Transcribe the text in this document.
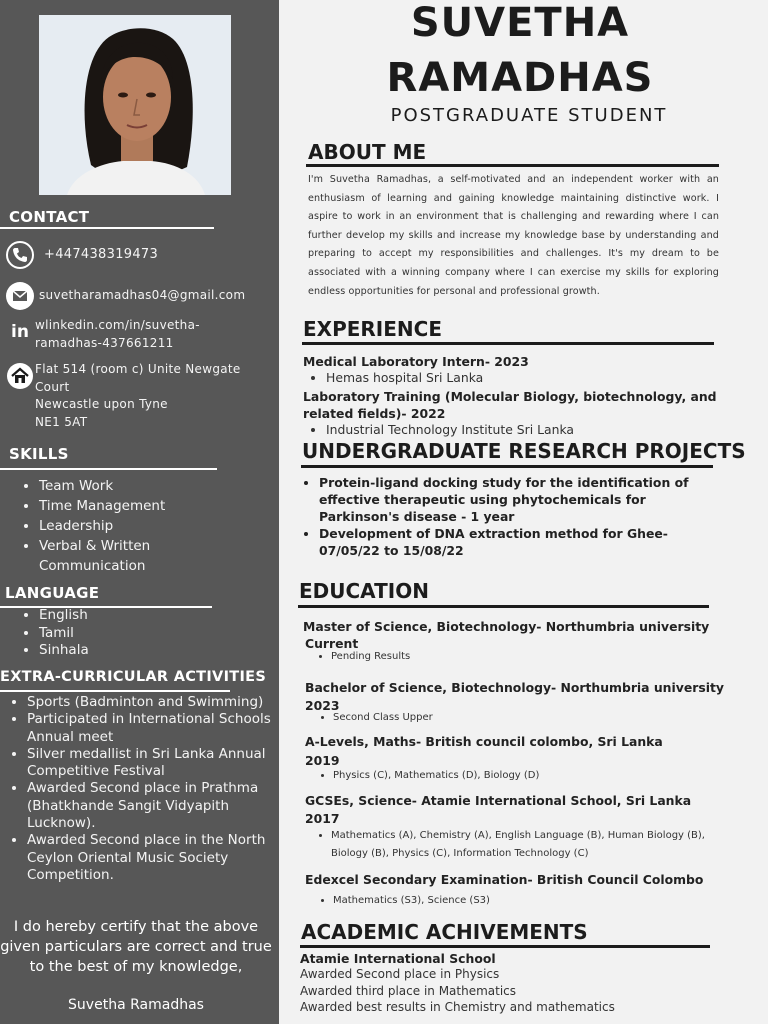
CONTACT
+447438319473
suvetharamadhas04@gmail.com
in wlinkedin.com/in/suvetha-
ramadhas-437661211
Flat 514 (room c) Unite Newgate
Court
Newcastle upon Tyne
NE1 5AT
SKILLS
• Team Work
• Time Management
• Leadership
• Verbal & Written Communication
LANGUAGE
• English
• Tamil
• Sinhala
EXTRA-CURRICULAR ACTIVITIES
• Sports (Badminton and Swimming)
• Participated in International Schools Annual meet
• Silver medallist in Sri Lanka Annual Competitive Festival
• Awarded Second place in Prathma (Bhatkhande Sangit Vidyapith Lucknow).
• Awarded Second place in the North Ceylon Oriental Music Society Competition.
I do hereby certify that the above given particulars are correct and true to the best of my knowledge,
Suvetha Ramadhas
SUVETHA
RAMADHAS
POSTGRADUATE STUDENT
ABOUT ME
I'm Suvetha Ramadhas, a self-motivated and an independent worker with an enthusiasm of learning and gaining knowledge maintaining distinctive work. I aspire to work in an environment that is challenging and rewarding where I can further develop my skills and increase my knowledge base by understanding and preparing to accept my responsibilities and challenges. It's my dream to be associated with a winning company where I can exercise my skills for exploring endless opportunities for personal and professional growth.
EXPERIENCE
Medical Laboratory Intern- 2023
• Hemas hospital Sri Lanka
Laboratory Training (Molecular Biology, biotechnology, and
related fields)- 2022
• Industrial Technology Institute Sri Lanka
UNDERGRADUATE RESEARCH PROJECTS
• Protein-ligand docking study for the identification of effective therapeutic using phytochemicals for Parkinson's disease - 1 year
• Development of DNA extraction method for Ghee- 07/05/22 to 15/08/22
EDUCATION
Master of Science, Biotechnology- Northumbria university
Current
• Pending Results
Bachelor of Science, Biotechnology- Northumbria university
2023
• Second Class Upper
A-Levels, Maths- British council colombo, Sri Lanka
2019
• Physics (C), Mathematics (D), Biology (D)
GCSEs, Science- Atamie International School, Sri Lanka
2017
• Mathematics (A), Chemistry (A), English Language (B), Human Biology (B),
Biology (B), Physics (C), Information Technology (C)
Edexcel Secondary Examination- British Council Colombo
• Mathematics (S3), Science (S3)
ACADEMIC ACHIVEMENTS
Atamie International School
Awarded Second place in Physics
Awarded third place in Mathematics
Awarded best results in Chemistry and mathematics
